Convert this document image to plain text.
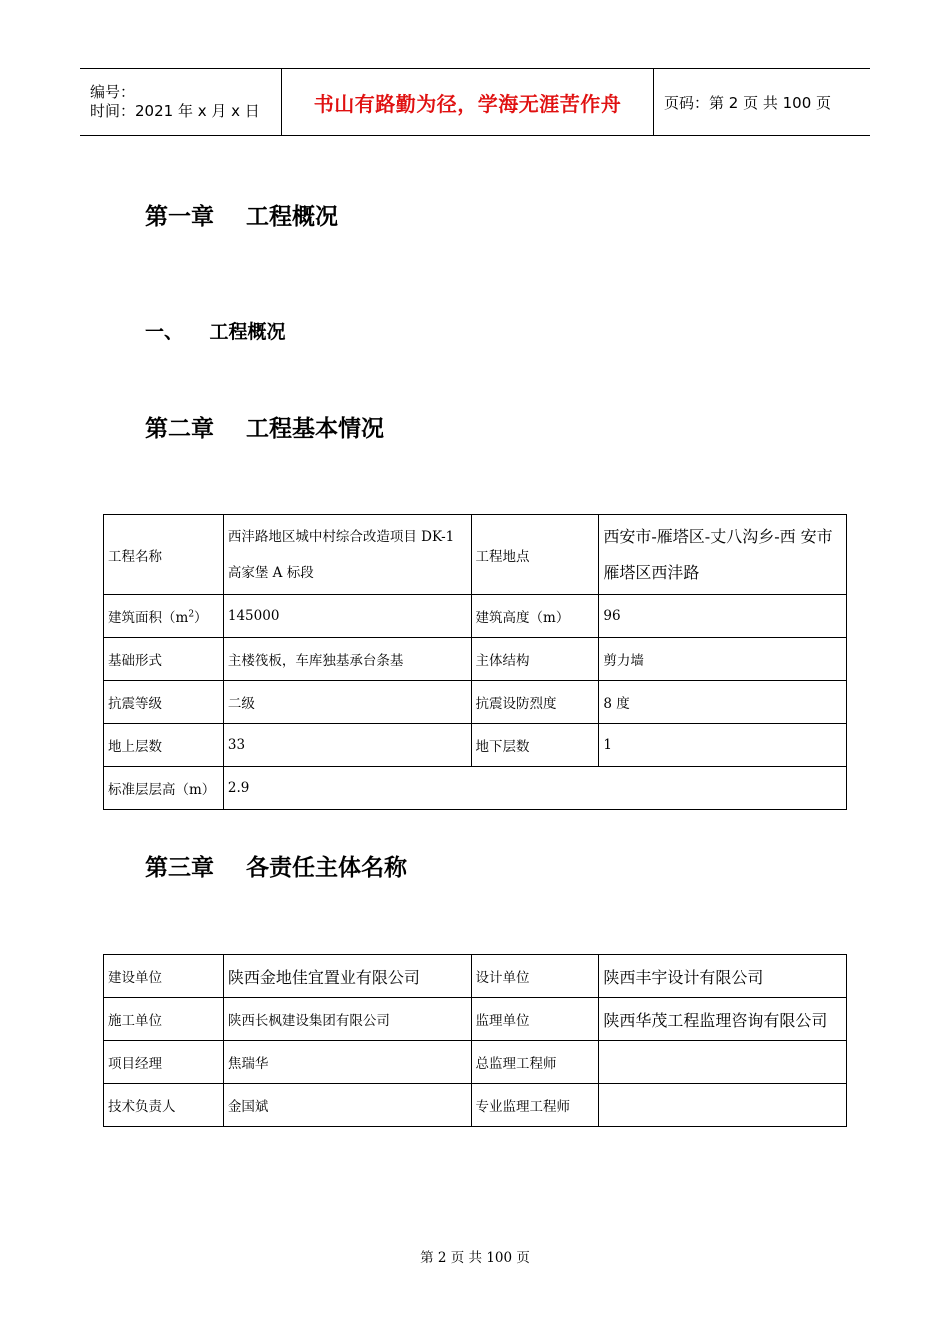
编号：
时间：2021 年 x 月 x 日	书山有路勤为径，学海无涯苦作舟	页码：第 2 页 共 100 页
第一章    工程概况
一、    工程概况
第二章    工程基本情况
工程名称	西沣路地区城中村综合改造项目 DK-1 高家堡 A 标段	工程地点	西安市-雁塔区-丈八沟乡-西 安市雁塔区西沣路
建筑面积$(m^2)$	145000	建筑高度（m）	96
基础形式	主楼筏板，车库独基承台条基	主体结构	剪力墙
抗震等级	二级	抗震设防烈度	8 度
地上层数	33	地下层数	1
标准层层高（m）	2.9		
第三章    各责任主体名称
建设单位	陕西金地佳宜置业有限公司	设计单位	陕西丰宇设计有限公司
施工单位	陕西长枫建设集团有限公司	监理单位	陕西华茂工程监理咨询有限公司
项目经理	焦瑞华	总监理工程师	
技术负责人	金国斌	专业监理工程师	
第 2 页 共 100 页
